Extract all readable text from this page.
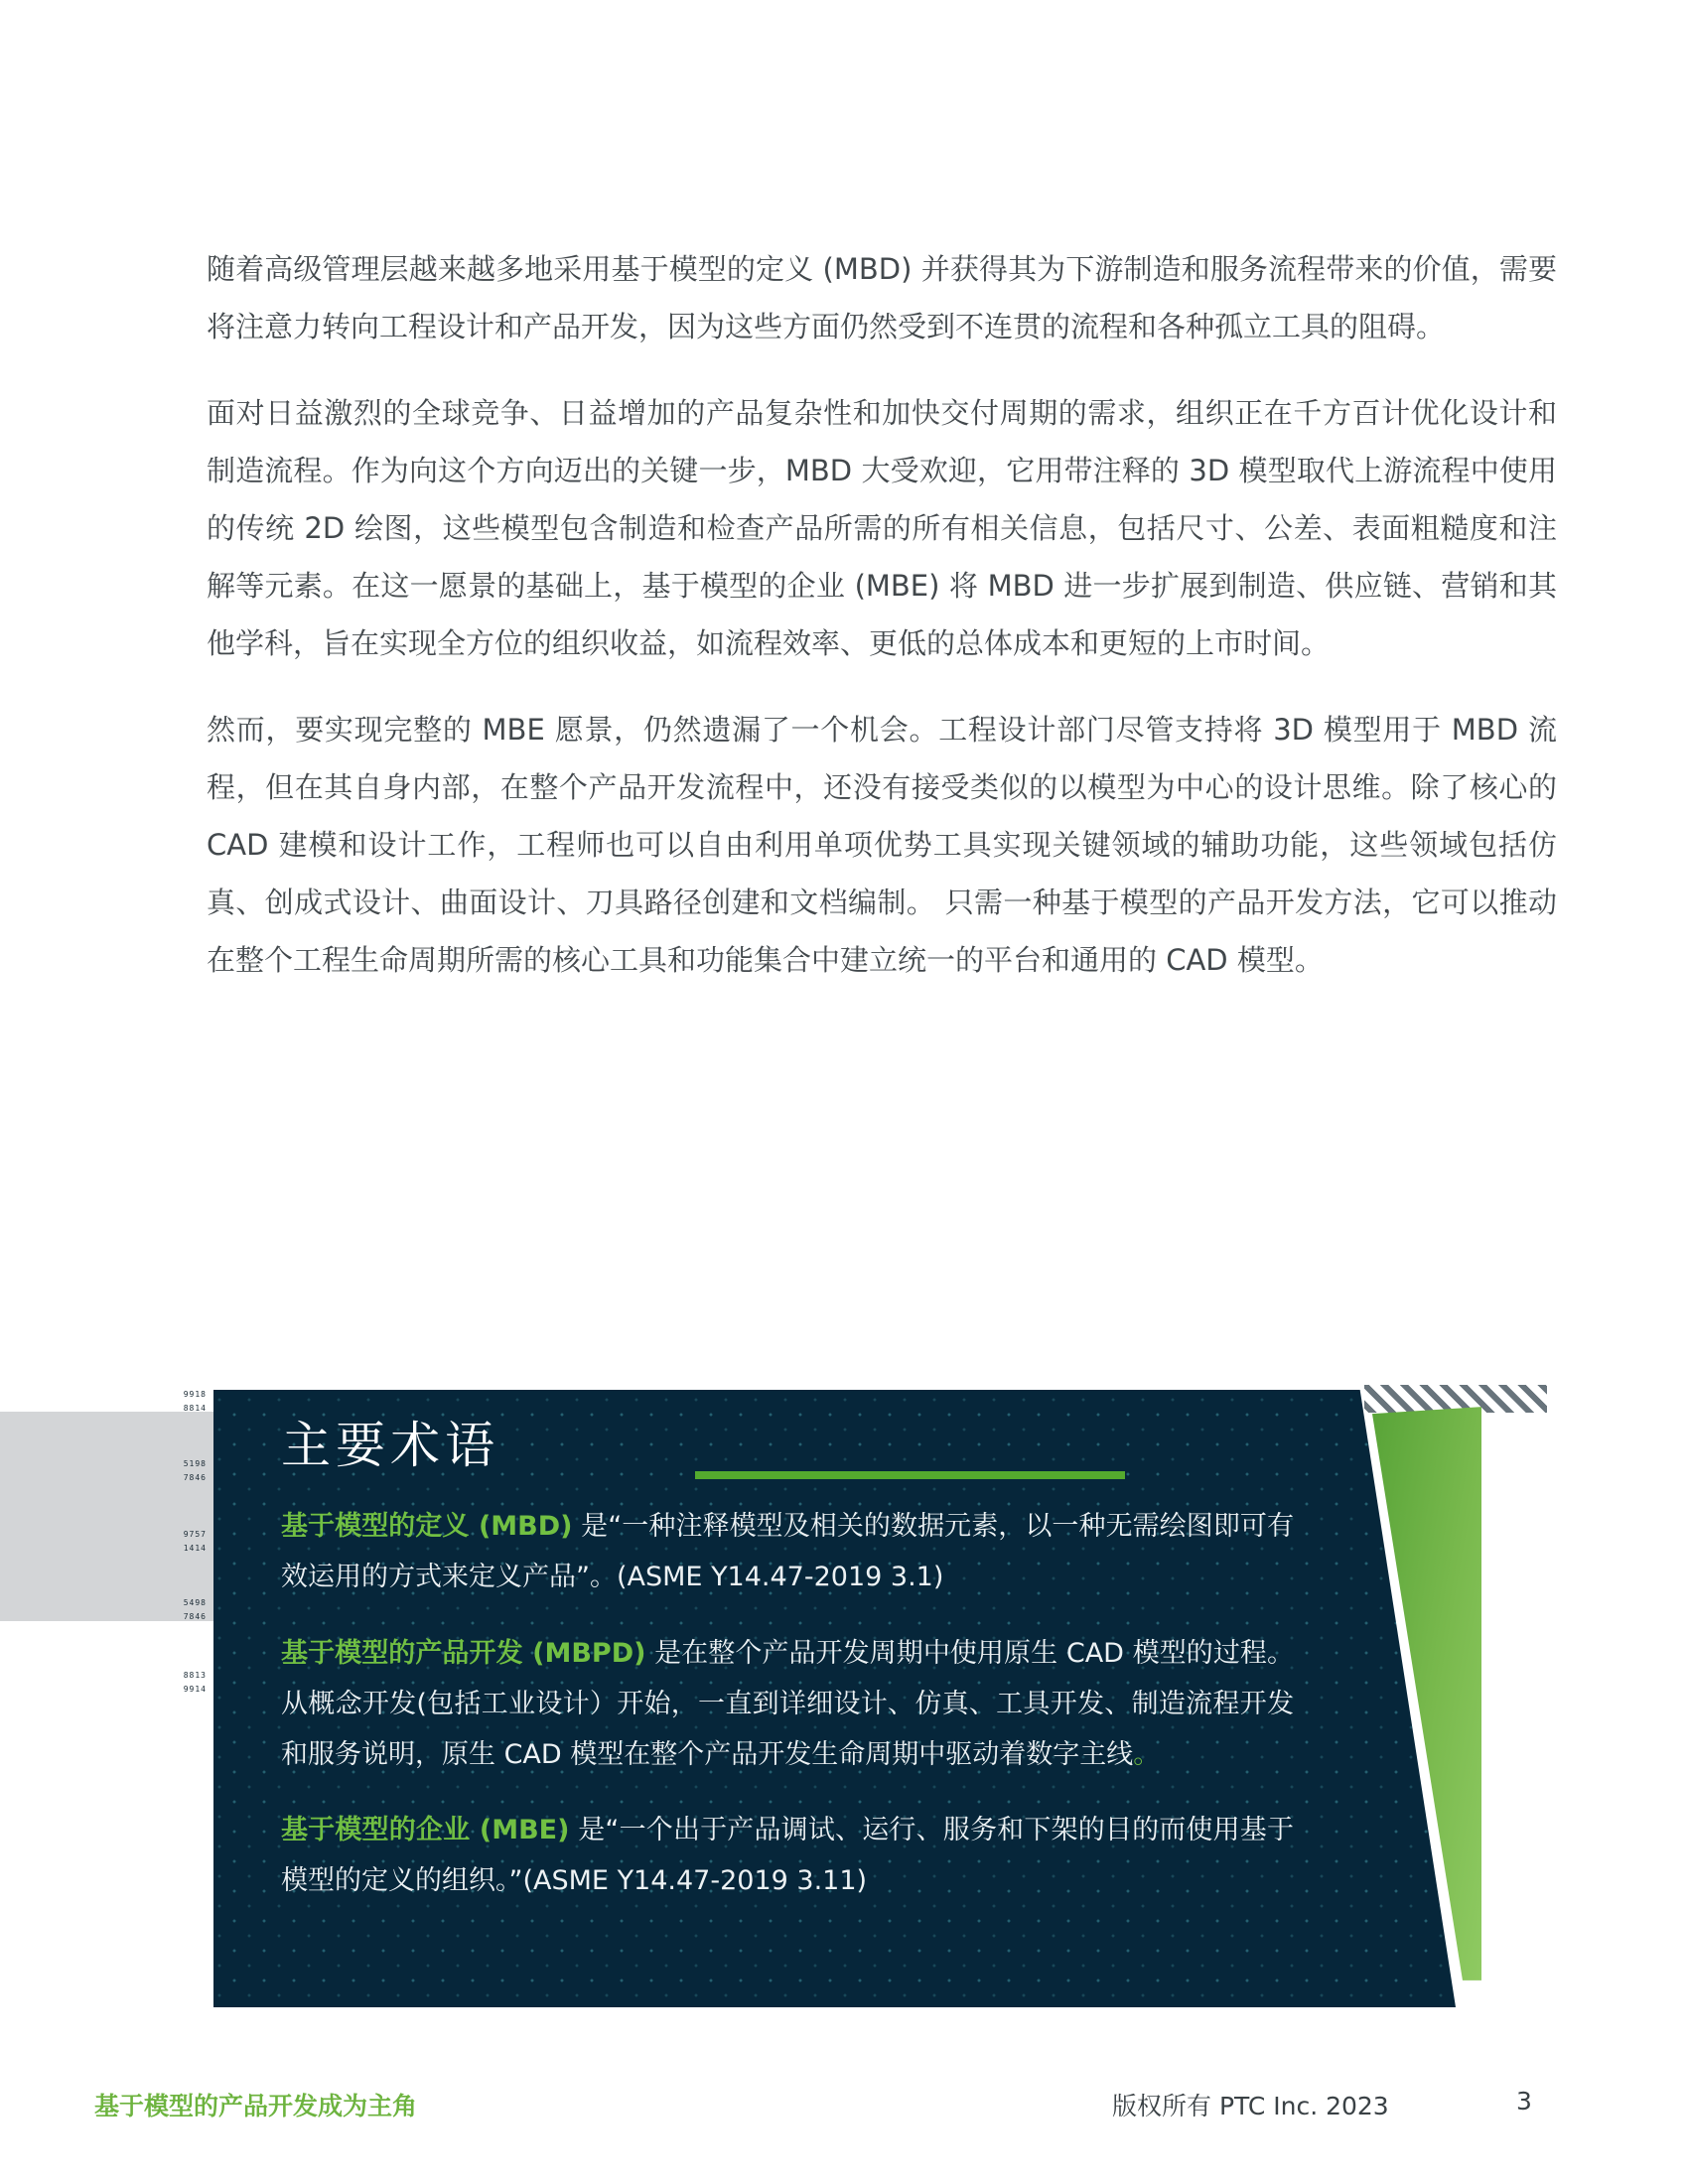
随着高级管理层越来越多地采用基于模型的定义 (MBD) 并获得其为下游制造和服务流程带来的价值，需要将注意力转向工程设计和产品开发，因为这些方面仍然受到不连贯的流程和各种孤立工具的阻碍。

面对日益激烈的全球竞争、日益增加的产品复杂性和加快交付周期的需求，组织正在千方百计优化设计和制造流程。作为向这个方向迈出的关键一步，MBD 大受欢迎，它用带注释的 3D 模型取代上游流程中使用的传统 2D 绘图，这些模型包含制造和检查产品所需的所有相关信息，包括尺寸、公差、表面粗糙度和注解等元素。在这一愿景的基础上，基于模型的企业 (MBE) 将 MBD 进一步扩展到制造、供应链、营销和其他学科，旨在实现全方位的组织收益，如流程效率、更低的总体成本和更短的上市时间。

然而，要实现完整的 MBE 愿景，仍然遗漏了一个机会。工程设计部门尽管支持将 3D 模型用于 MBD 流程，但在其自身内部，在整个产品开发流程中，还没有接受类似的以模型为中心的设计思维。除了核心的 CAD 建模和设计工作，工程师也可以自由利用单项优势工具实现关键领域的辅助功能，这些领域包括仿真、创成式设计、曲面设计、刀具路径创建和文档编制。 只需一种基于模型的产品开发方法，它可以推动在整个工程生命周期所需的核心工具和功能集合中建立统一的平台和通用的 CAD 模型。

9918
8814
5198
7846
9757
1414
5498
7846
8813
9914
主要术语
基于模型的定义 (MBD) 是“一种注释模型及相关的数据元素，以一种无需绘图即可有效运用的方式来定义产品”。(ASME Y14.47-2019 3.1)
基于模型的产品开发 (MBPD) 是在整个产品开发周期中使用原生 CAD 模型的过程。从概念开发(包括工业设计）开始，一直到详细设计、仿真、工具开发、制造流程开发和服务说明，原生 CAD 模型在整个产品开发生命周期中驱动着数字主线。
基于模型的企业 (MBE) 是“一个出于产品调试、运行、服务和下架的目的而使用基于模型的定义的组织。”(ASME Y14.47-2019 3.11)
基于模型的产品开发成为主角	版权所有 PTC Inc. 2023	3
